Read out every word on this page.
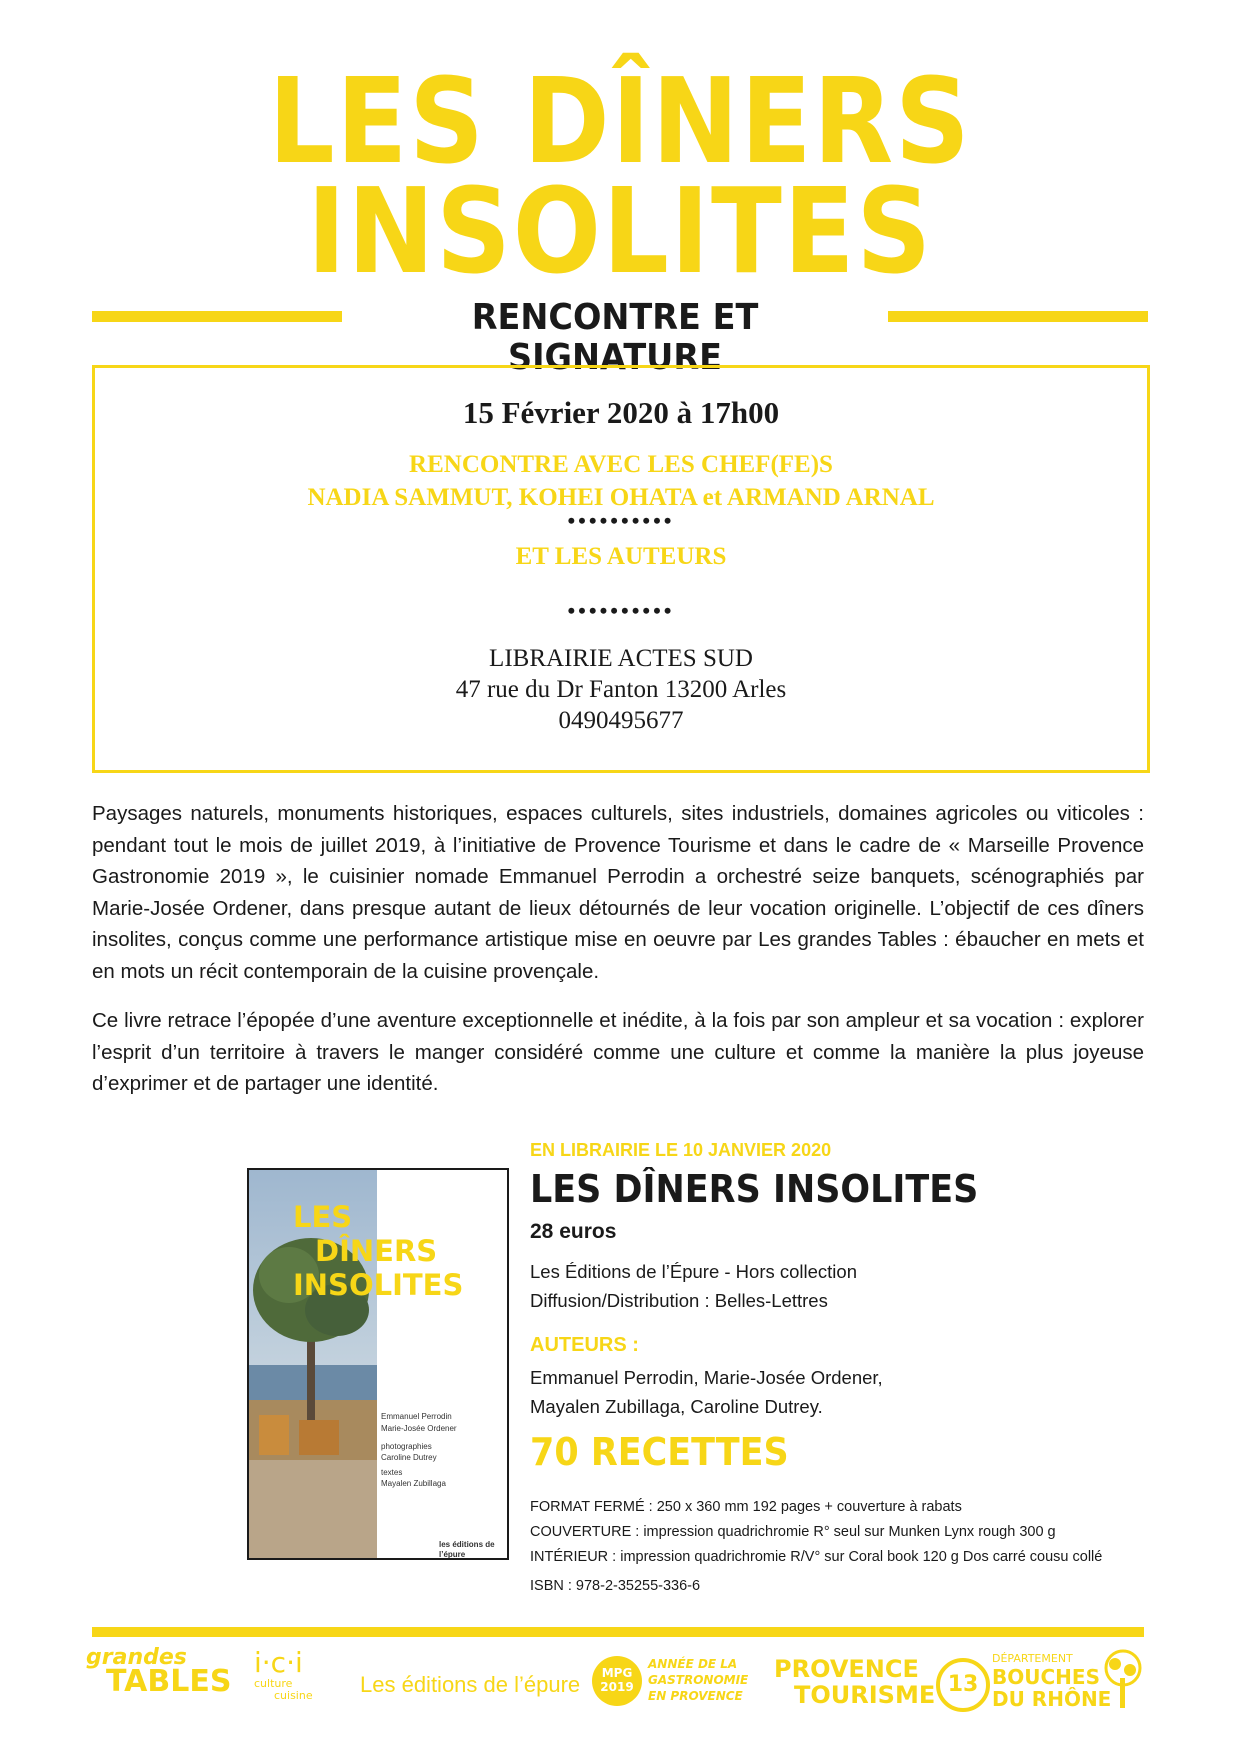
LES DÎNERS
INSOLITES
RENCONTRE ET SIGNATURE
15 Février 2020 à 17h00
RENCONTRE AVEC LES CHEF(FE)S
NADIA SAMMUT, KOHEI OHATA et ARMAND ARNAL
••••••••••
ET LES AUTEURS
••••••••••
LIBRAIRIE ACTES SUD
47 rue du Dr Fanton 13200 Arles
0490495677
Paysages naturels, monuments historiques, espaces culturels, sites industriels, domaines agricoles ou viticoles : pendant tout le mois de juillet 2019, à l’initiative de Provence Tourisme et dans le cadre de « Marseille Provence Gastronomie 2019 », le cuisinier nomade Emmanuel Perrodin a orchestré seize banquets, scénographiés par Marie-Josée Ordener, dans presque autant de lieux détournés de leur vocation originelle. L’objectif de ces dîners insolites, conçus comme une performance artistique mise en oeuvre par Les grandes Tables : ébaucher en mets et en mots un récit contemporain de la cuisine provençale.
Ce livre retrace l’épopée d’une aventure exceptionnelle et inédite, à la fois par son ampleur et sa vocation : explorer l’esprit d’un territoire à travers le manger considéré comme une culture et comme la manière la plus joyeuse d’exprimer et de partager une identité.
LES
DÎNERS
INSOLITES
Emmanuel Perrodin
Marie-Josée Ordener
photographies
Caroline Dutrey
textes
Mayalen Zubillaga
les éditions de l’épure
EN LIBRAIRIE LE 10 JANVIER 2020
LES DÎNERS INSOLITES
28 euros
Les Éditions de l’Épure - Hors collection
Diffusion/Distribution : Belles-Lettres
AUTEURS :
Emmanuel Perrodin, Marie-Josée Ordener,
Mayalen Zubillaga, Caroline Dutrey.
70 RECETTES
FORMAT FERMÉ : 250 x 360 mm 192 pages + couverture à rabats
COUVERTURE : impression quadrichromie R° seul sur Munken Lynx rough 300 g
INTÉRIEUR : impression quadrichromie R/V° sur Coral book 120 g Dos carré cousu collé
ISBN : 978-2-35255-336-6
grandes
TABLES
i·c·i
culture
cuisine	Les éditions de l’épure	MPG
2019
ANNÉE DE LA
GASTRONOMIE
EN PROVENCE
PROVENCE
TOURISME 13
DÉPARTEMENT
BOUCHES
DU RHÔNE
